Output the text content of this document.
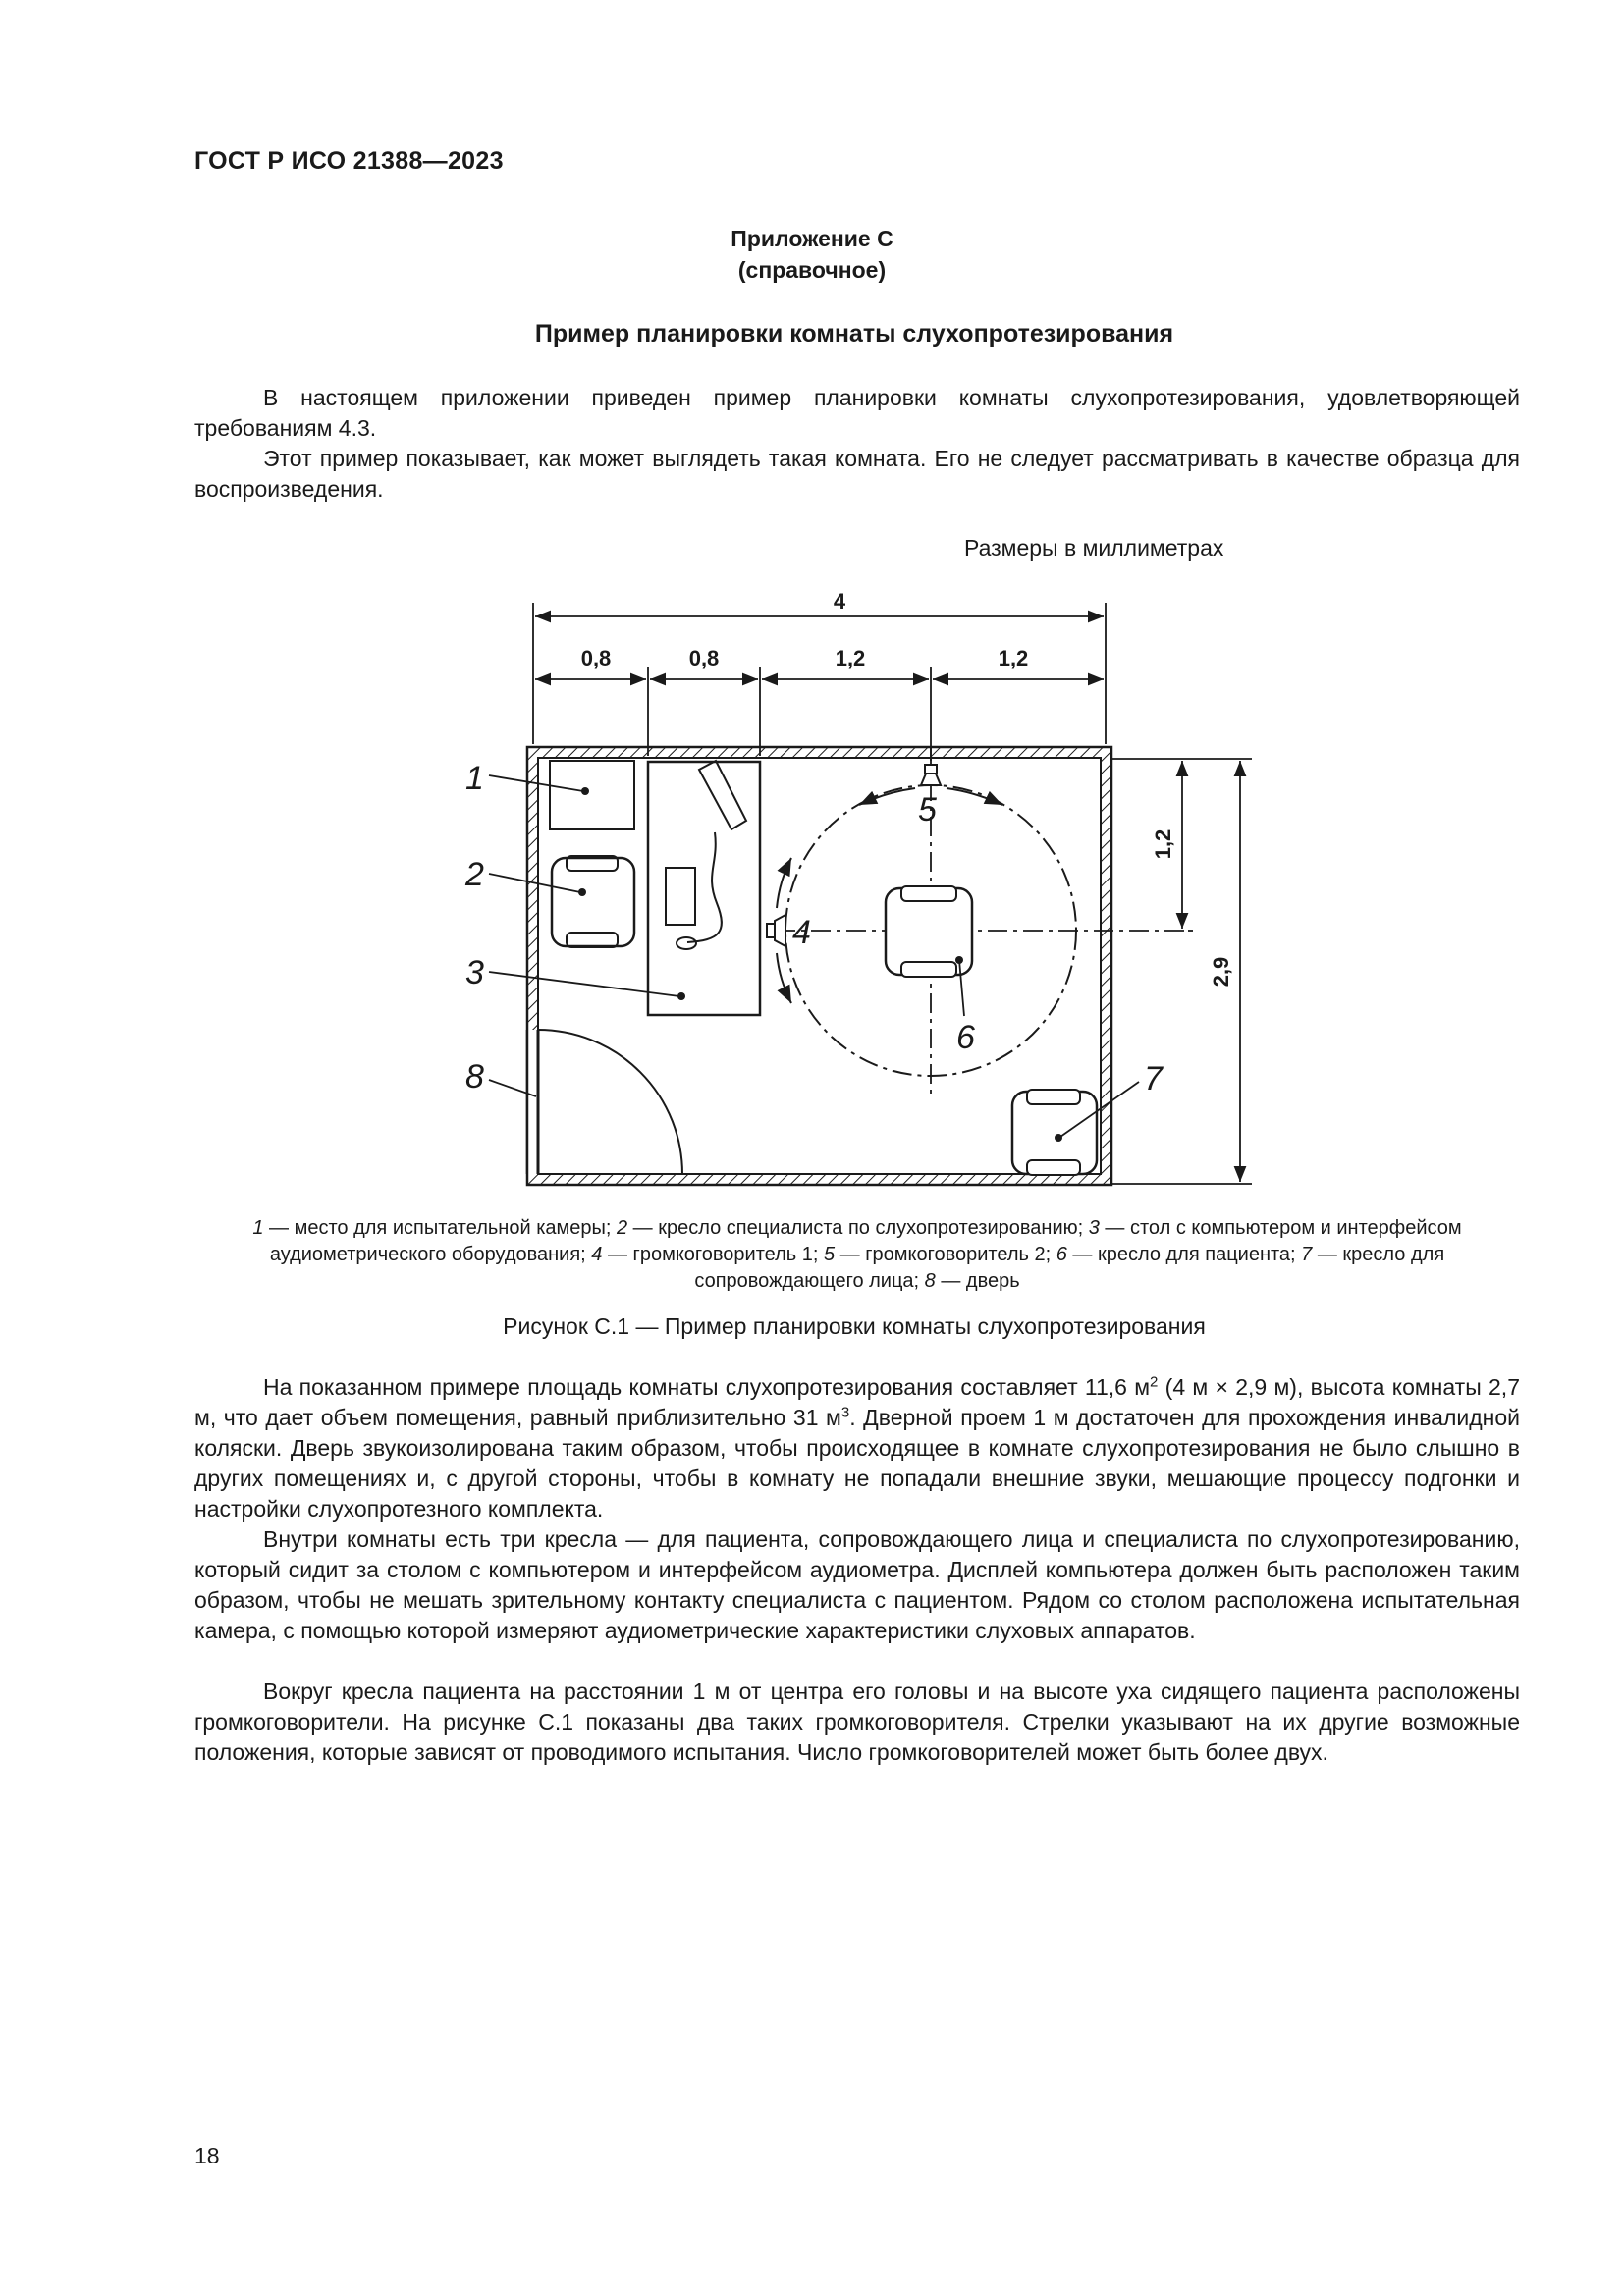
ГОСТ Р ИСО 21388—2023
Приложение С
(справочное)
Пример планировки комнаты слухопротезирования

В настоящем приложении приведен пример планировки комнаты слухопротезирования, удовлетворяющей требованиям 4.3.

Этот пример показывает, как может выглядеть такая комната. Его не следует рассматривать в качестве образца для воспроизведения.

Размеры в миллиметрах
1
2
3
4
5
6
7
8
4
0,8	0,8	1,2	1,2
1,2
2,9
1 — место для испытательной камеры; 2 — кресло специалиста по слухопротезированию; 3 — стол с компьютером и интерфейсом аудиометрического оборудования; 4 — громкоговоритель 1; 5 — громкоговоритель 2; 6 — кресло для пациента; 7 — кресло для сопровождающего лица; 8 — дверь
Рисунок С.1 — Пример планировки комнаты слухопротезирования

На показанном примере площадь комнаты слухопротезирования составляет 11,6 $м^2$ (4 м × 2,9 м), высота комнаты 2,7 м, что дает объем помещения, равный приблизительно 31 $м^3$. Дверной проем 1 м достаточен для прохождения инвалидной коляски. Дверь звукоизолирована таким образом, чтобы происходящее в комнате слухопротезирования не было слышно в других помещениях и, с другой стороны, чтобы в комнату не попадали внешние звуки, мешающие процессу подгонки и настройки слухопротезного комплекта.

Внутри комнаты есть три кресла — для пациента, сопровождающего лица и специалиста по слухопротезированию, который сидит за столом с компьютером и интерфейсом аудиометра. Дисплей компьютера должен быть расположен таким образом, чтобы не мешать зрительному контакту специалиста с пациентом. Рядом со столом расположена испытательная камера, с помощью которой измеряют аудиометрические характеристики слуховых аппаратов.

Вокруг кресла пациента на расстоянии 1 м от центра его головы и на высоте уха сидящего пациента расположены громкоговорители. На рисунке С.1 показаны два таких громкоговорителя. Стрелки указывают на их другие возможные положения, которые зависят от проводимого испытания. Число громкоговорителей может быть более двух.

18
